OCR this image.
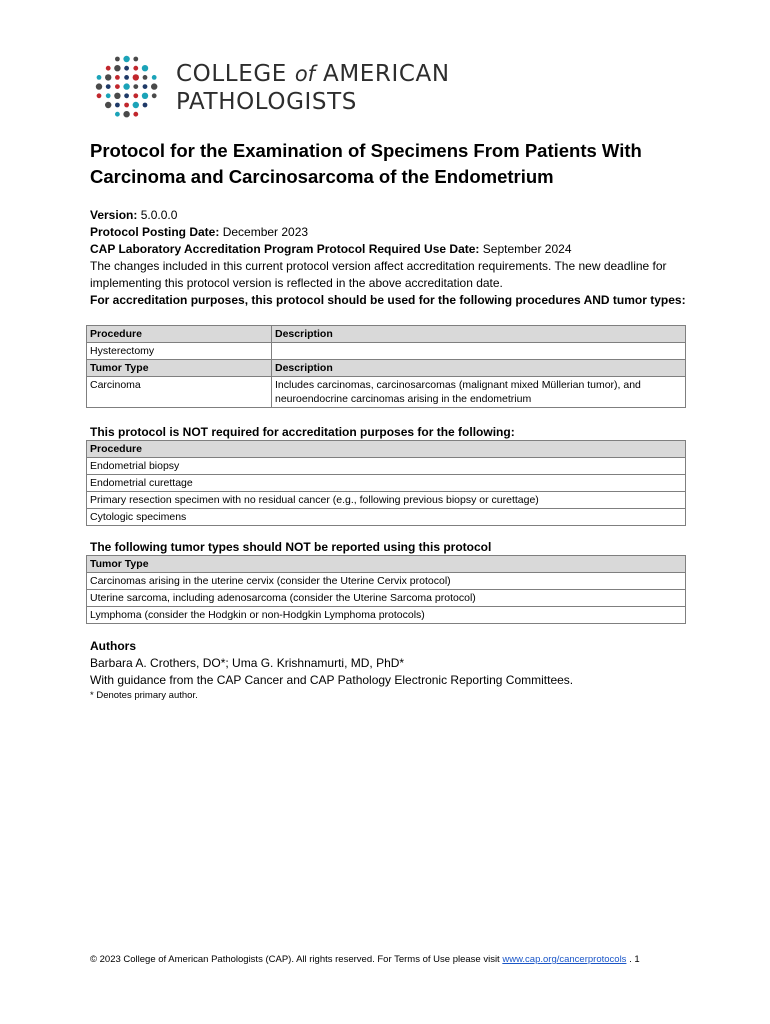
COLLEGE of AMERICAN
PATHOLOGISTS
Protocol for the Examination of Specimens From Patients With Carcinoma and Carcinosarcoma of the Endometrium
Version: 5.0.0.0
Protocol Posting Date: December 2023
CAP Laboratory Accreditation Program Protocol Required Use Date: September 2024
The changes included in this current protocol version affect accreditation requirements. The new deadline for implementing this protocol version is reflected in the above accreditation date.
For accreditation purposes, this protocol should be used for the following procedures AND tumor types:
Procedure	Description
Hysterectomy	
Tumor Type	Description
Carcinoma	Includes carcinomas, carcinosarcomas (malignant mixed Müllerian tumor), and neuroendocrine carcinomas arising in the endometrium
This protocol is NOT required for accreditation purposes for the following:
Procedure
Endometrial biopsy
Endometrial curettage
Primary resection specimen with no residual cancer (e.g., following previous biopsy or curettage)
Cytologic specimens
The following tumor types should NOT be reported using this protocol
Tumor Type
Carcinomas arising in the uterine cervix (consider the Uterine Cervix protocol)
Uterine sarcoma, including adenosarcoma (consider the Uterine Sarcoma protocol)
Lymphoma (consider the Hodgkin or non-Hodgkin Lymphoma protocols)
Authors
Barbara A. Crothers, DO*; Uma G. Krishnamurti, MD, PhD*
With guidance from the CAP Cancer and CAP Pathology Electronic Reporting Committees.
* Denotes primary author.
© 2023 College of American Pathologists (CAP). All rights reserved. For Terms of Use please visit www.cap.org/cancerprotocols . 1
